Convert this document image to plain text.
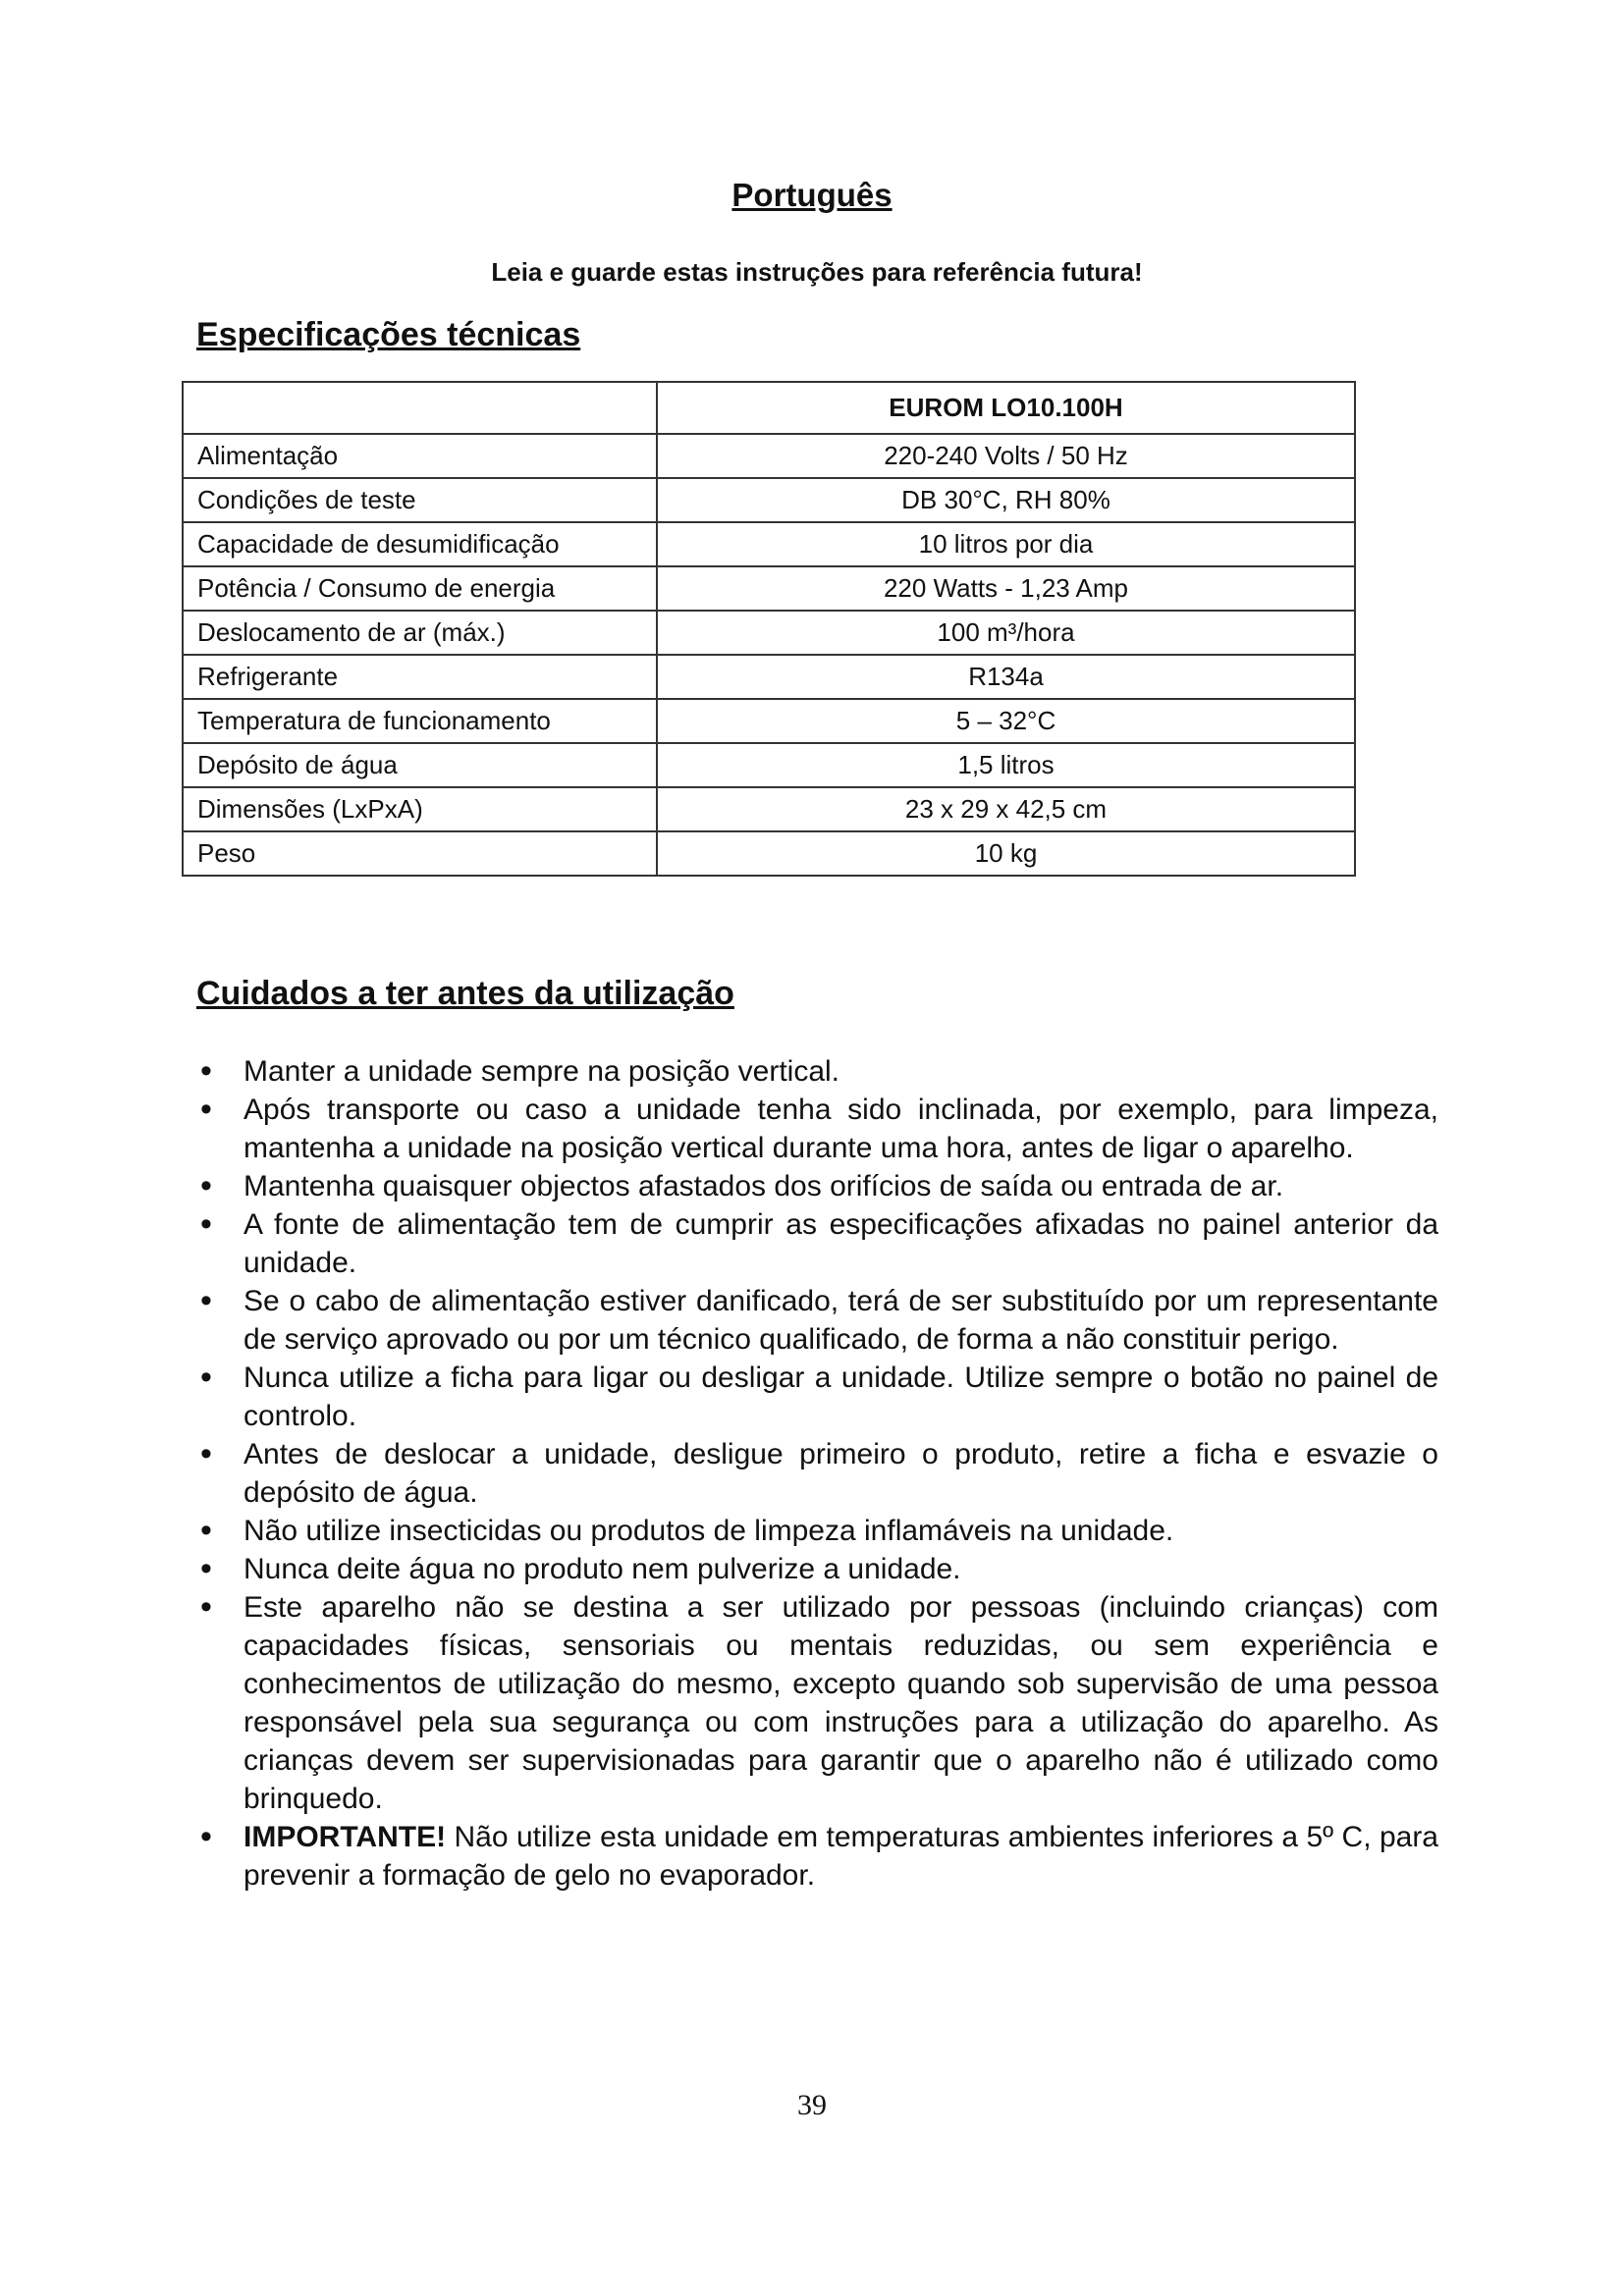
Português
Leia e guarde estas instruções para referência futura!
Especificações técnicas
	EUROM LO10.100H
Alimentação	220-240 Volts / 50 Hz
Condições de teste	DB 30°C, RH 80%
Capacidade de desumidificação	10 litros por dia
Potência / Consumo de energia	220 Watts - 1,23 Amp
Deslocamento de ar (máx.)	100 m³/hora
Refrigerante	R134a
Temperatura de funcionamento	5 – 32°C
Depósito de água	1,5 litros
Dimensões (LxPxA)	23 x 29 x 42,5 cm
Peso	10 kg
Cuidados a ter antes da utilização
• Manter a unidade sempre na posição vertical.
• Após transporte ou caso a unidade tenha sido inclinada, por exemplo, para limpeza, mantenha a unidade na posição vertical durante uma hora, antes de ligar o aparelho.
• Mantenha quaisquer objectos afastados dos orifícios de saída ou entrada de ar.
• A fonte de alimentação tem de cumprir as especificações afixadas no painel anterior da unidade.
• Se o cabo de alimentação estiver danificado, terá de ser substituído por um representante de serviço aprovado ou por um técnico qualificado, de forma a não constituir perigo.
• Nunca utilize a ficha para ligar ou desligar a unidade. Utilize sempre o botão no painel de controlo.
• Antes de deslocar a unidade, desligue primeiro o produto, retire a ficha e esvazie o depósito de água.
• Não utilize insecticidas ou produtos de limpeza inflamáveis na unidade.
• Nunca deite água no produto nem pulverize a unidade.
• Este aparelho não se destina a ser utilizado por pessoas (incluindo crianças) com capacidades físicas, sensoriais ou mentais reduzidas, ou sem experiência e conhecimentos de utilização do mesmo, excepto quando sob supervisão de uma pessoa responsável pela sua segurança ou com instruções para a utilização do aparelho. As crianças devem ser supervisionadas para garantir que o aparelho não é utilizado como brinquedo.
• IMPORTANTE! Não utilize esta unidade em temperaturas ambientes inferiores a 5º C, para prevenir a formação de gelo no evaporador.
39
